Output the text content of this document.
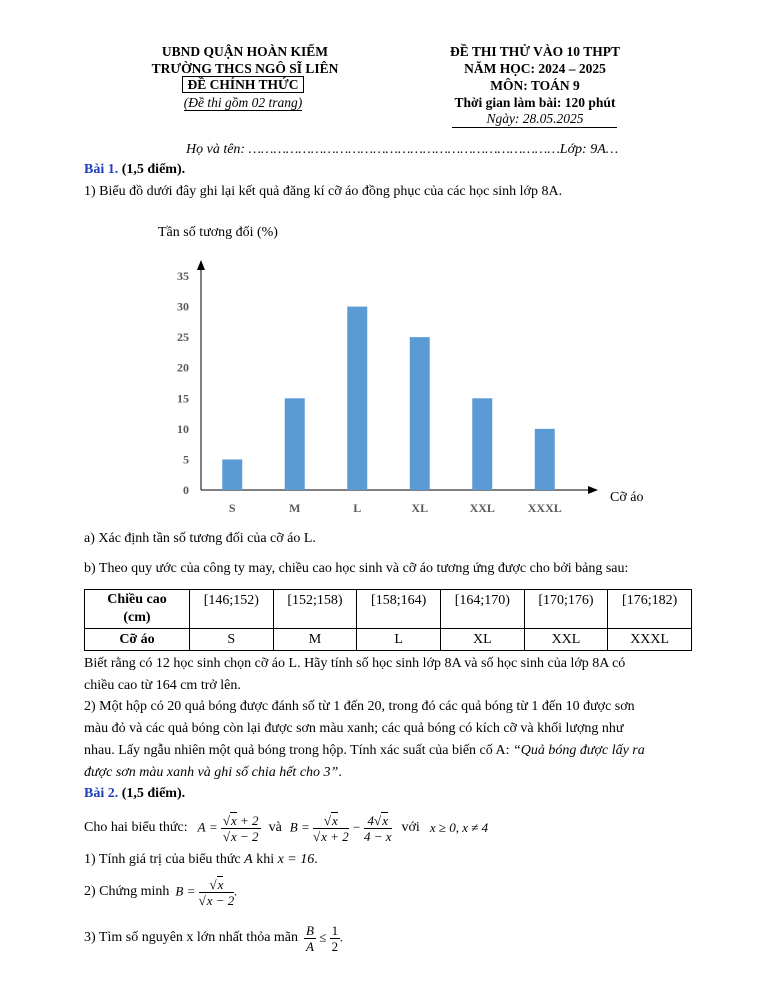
UBND QUẬN HOÀN KIẾM
TRƯỜNG THCS NGÔ SĨ LIÊN
ĐỀ CHÍNH THỨC
(Đề thi gồm 02 trang)
ĐỀ THI THỬ VÀO 10 THPT
NĂM HỌC: 2024 – 2025
MÔN: TOÁN 9
Thời gian làm bài: 120 phút
Ngày: 28.05.2025
Họ và tên: …………………………………………………………………Lớp: 9A…
Bài 1. (1,5 điểm).
1) Biểu đồ dưới đây ghi lại kết quả đăng kí cỡ áo đồng phục của các học sinh lớp 8A.
Tần số tương đối (%)
Cỡ áo
0
5
10
15
20
25
30
35
S	M	L	XL	XXL	XXXL
a) Xác định tần số tương đối của cỡ áo L.
b) Theo quy ước của công ty may, chiều cao học sinh và cỡ áo tương ứng được cho bởi bảng sau:
Chiều cao
(cm)	[146;152)	[152;158)	[158;164)	[164;170)	[170;176)	[176;182)
Cỡ áo	S	M	L	XL	XXL	XXXL
Biết rằng có 12 học sinh chọn cỡ áo L. Hãy tính số học sinh lớp 8A và số học sinh của lớp 8A có
chiều cao từ 164 cm trở lên.
2) Một hộp có 20 quả bóng được đánh số từ 1 đến 20, trong đó các quả bóng từ 1 đến 10 được sơn
màu đỏ và các quả bóng còn lại được sơn màu xanh; các quả bóng có kích cỡ và khối lượng như
nhau. Lấy ngẫu nhiên một quả bóng trong hộp. Tính xác suất của biến cố A: “Quả bóng được lấy ra
được sơn màu xanh và ghi số chia hết cho 3”.
Bài 2. (1,5 điểm).
Cho hai biểu thức: $A = \frac{√x + 2}{√x - 2}$ và $B = \frac{√x}{√x + 2} - \frac{4√x}{4 - x}$ với x ≥ 0, x ≠ 4
1) Tính giá trị của biểu thức A khi x = 16.
2) Chứng minh $B = \frac{√x}{√x - 2}$ .
3) Tìm số nguyên x lớn nhất thỏa mãn $\frac{B}{A} \le \frac{1}{2}$ .
